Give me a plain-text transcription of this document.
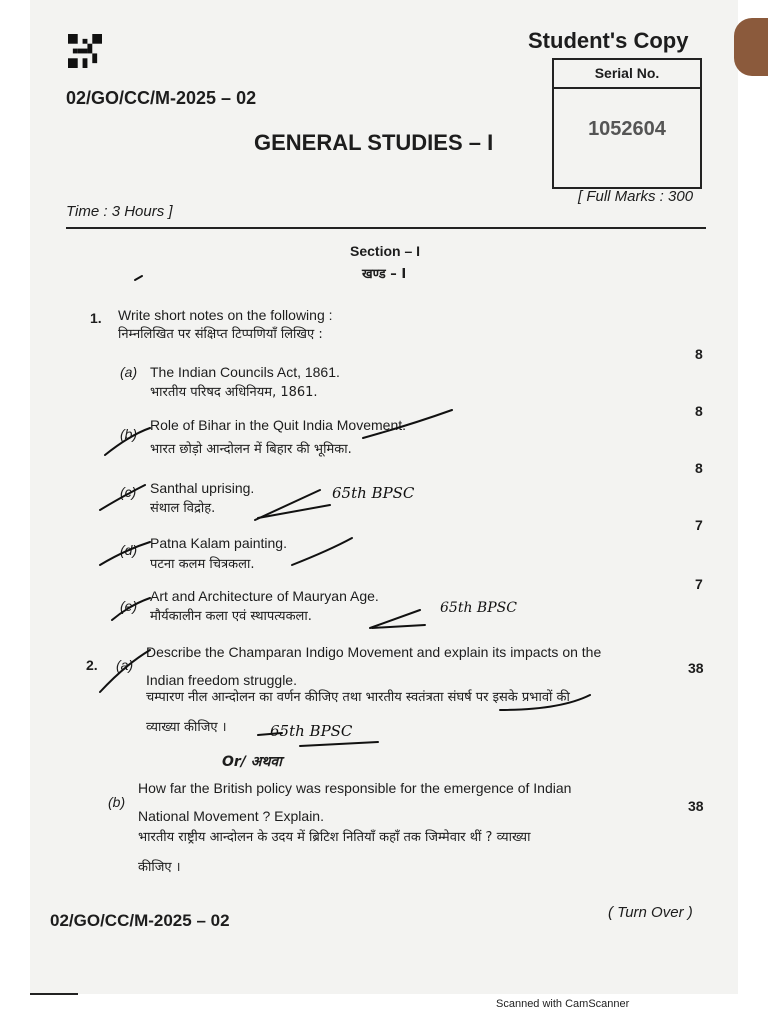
Student's Copy
02/GO/CC/M-2025 – 02
Serial No.
1052604
GENERAL STUDIES – I
Time : 3 Hours ]
[ Full Marks : 300
Section – I
खण्ड – I
1. Write short notes on the following :
निम्नलिखित पर संक्षिप्त टिप्पणियाँ लिखिए :
(a) The Indian Councils Act, 1861.
भारतीय परिषद अधिनियम, 1861.
8
(b)
Role of Bihar in the Quit India Movement.
भारत छोड़ो आन्दोलन में बिहार की भूमिका.
8
(c) Santhal uprising.
संथाल विद्रोह.
8
(d) Patna Kalam painting.
पटना कलम चित्रकला.
7
(e)
Art and Architecture of Mauryan Age.
मौर्यकालीन कला एवं स्थापत्यकला.
7
2. (a)
Describe the Champaran Indigo Movement and explain its impacts on the
Indian freedom struggle.
चम्पारण नील आन्दोलन का वर्णन कीजिए तथा भारतीय स्वतंत्रता संघर्ष पर इसके प्रभावों की
व्याख्या कीजिए ।
38
Or/ अथवा
(b)
How far the British policy was responsible for the emergence of Indian
National Movement ? Explain.
भारतीय राष्ट्रीय आन्दोलन के उदय में ब्रिटिश नितियाँ कहाँ तक जिम्मेवार थीं ? व्याख्या
कीजिए ।
38
02/GO/CC/M-2025 – 02	( Turn Over )
Scanned with CamScanner
65th BPSC
65th BPSC
65th BPSC
